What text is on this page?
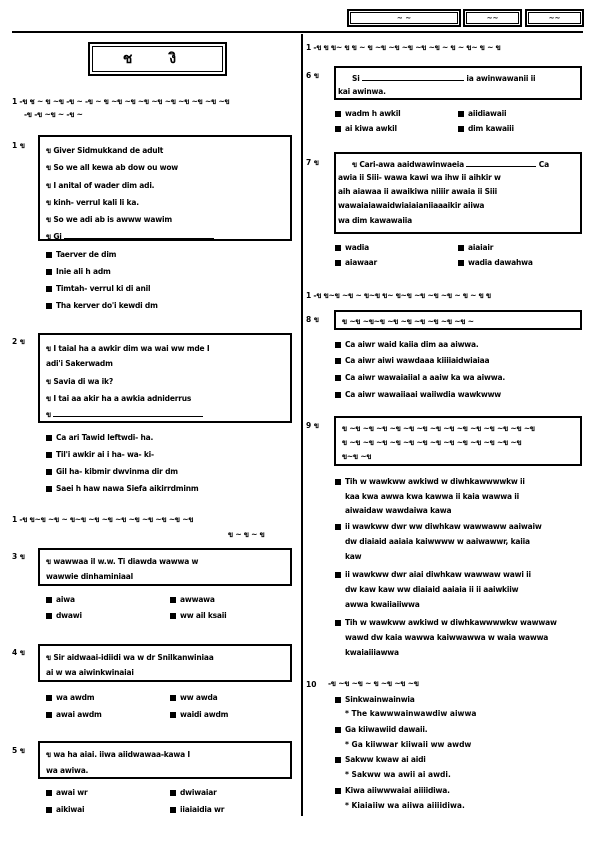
~ ~	~~	~~
ช งิ
1 -ข ช ~ ข ~ข -ข ~ -ข ~ ข ~ข ~ข ~ข ~ข ~ข ~ข ~ข ~ข ~ข
-ข -ข ~ข ~ -ข ~
1 ข
ข Giver Sidmukkand de adult
ข So we all kewa ab dow ou wow
ข I anital of wader dim adi.
ข kinh- verrul kali li ka.
ข So we adi ab is awww wawim
ข Gi
Taerver de dim
Inie ali h adm
Timtah- verrul ki di anil
Tha kerver do'i kewdi dm
2 ข
ข I taial ha a awkir dim wa wai ww mde I
adi'i Sakerwadm
ข Savia di wa ik?
ข I tai aa akir ha a awkia adniderrus
ข
Ca ari Tawid leftwdi- ha.
Til'i awkir ai i ha- wa- ki-
Gil ha- kibmir dwvinma dir dm
Saei h haw nawa Siefa aikirrdminm
1 -ข ข~ข ~ข ~ ข~ข ~ข ~ข ~ข ~ข ~ข ~ข ~ข ~ข
ข ~ ข ~ ข
3 ข
ข wawwaa il w.w. Ti diawda wawwa w
wawwie dinhaminiaal
aiwa	awwawa
dwawi	ww ail ksaii
4 ข
ข Sir aidwaai-idiidi wa w dr Snilkanwiniaa
ai w wa aiwinkwinaiai
wa awdm	ww awda
awai awdm	waidi awdm
5 ข	ข wa ha aiai. iiwa aiidwawaa-kawa I
wa awiwa.
awai wr	dwiwaiar
aikiwai	iiaiaidia wr
1 -ข ข ข~ ข ข ~ ข ~ข ~ข ~ข ~ข ~ข ~ ข ~ ข~ ข ~ ข
6 ข	Si	ia awinwawanii ii
kai awinwa.
wadm h awkil	aiidiawaii
ai kiwa awkil	dim kawaiii
7 ข	ข Cari-awa aaidwawinwaeia	Ca
awia ii Siii- wawa kawi wa ihw ii aihkir w
aih aiawaa ii awaikiwa niiiir awaia ii Siii
wawaiaiawaidwiaiaianiiaaaikir aiiwa
wa dim kawawaiia
wadia	aiaiair
aiawaar	wadia dawahwa
1 -ข ข~ข ~ข ~ ข~ข ข~ ข~ข ~ข ~ข ~ข ~ ข ~ ข ข
8 ข	ข ~ข ~ข~ข ~ข ~ข ~ข ~ข ~ข ~ข ~
Ca aiwr waid kaiia dim aa aiwwa.
Ca aiwr aiwi wawdaaa kiiiiaidwiaiaa
Ca aiwr wawaiaiial a aaiw ka wa aiwwa.
Ca aiwr wawaiiaai waiiwdia wawkwww
9 ข	ข ~ข ~ข ~ข ~ข ~ข ~ข ~ข ~ข ~ข ~ข ~ข ~ข ~ข ~ข
ข ~ข ~ข ~ข ~ข ~ข ~ข ~ข ~ข ~ข ~ข ~ข ~ข ~ข
ข~ข ~ข
Tih w wawkww awkiwd w diwhkawwwwkw ii
kaa kwa awwa kwa kawwa ii kaia wawwa ii
aiwaidaw wawdaiwa kawa
ii wawkww dwr ww diwhkaw wawwaww aaiwaiw
dw diaiaid aaiaia kaiwwww w aaiwawwr, kaiia
kaw
ii wawkww dwr aiai diwhkaw wawwaw wawi ii
dw kaw kaw ww diaiaid aaiaia ii ii aaiwkiiw
awwa kwaiiaiiwwa
Tih w wawkww awkiwd w diwhkawwwwkw wawwaw
wawd dw kaia wawwa kaiwwawwa w waia wawwa
kwaiaiiiawwa
10 -ข ~ข ~ข ~ ข ~ข ~ข ~ข
Sinkwainwainwia
* The kawwwainwawdiw aiwwa
Ga kiiwawiid dawaii.
* Ga kiiwwar kiiwaii ww awdw
Sakww kwaw ai aidi
* Sakww wa awii ai awdi.
Kiwa aiiwwwaiai aiiiidiwa.
* Kiaiaiiw wa aiiwa aiiiidiwa.
